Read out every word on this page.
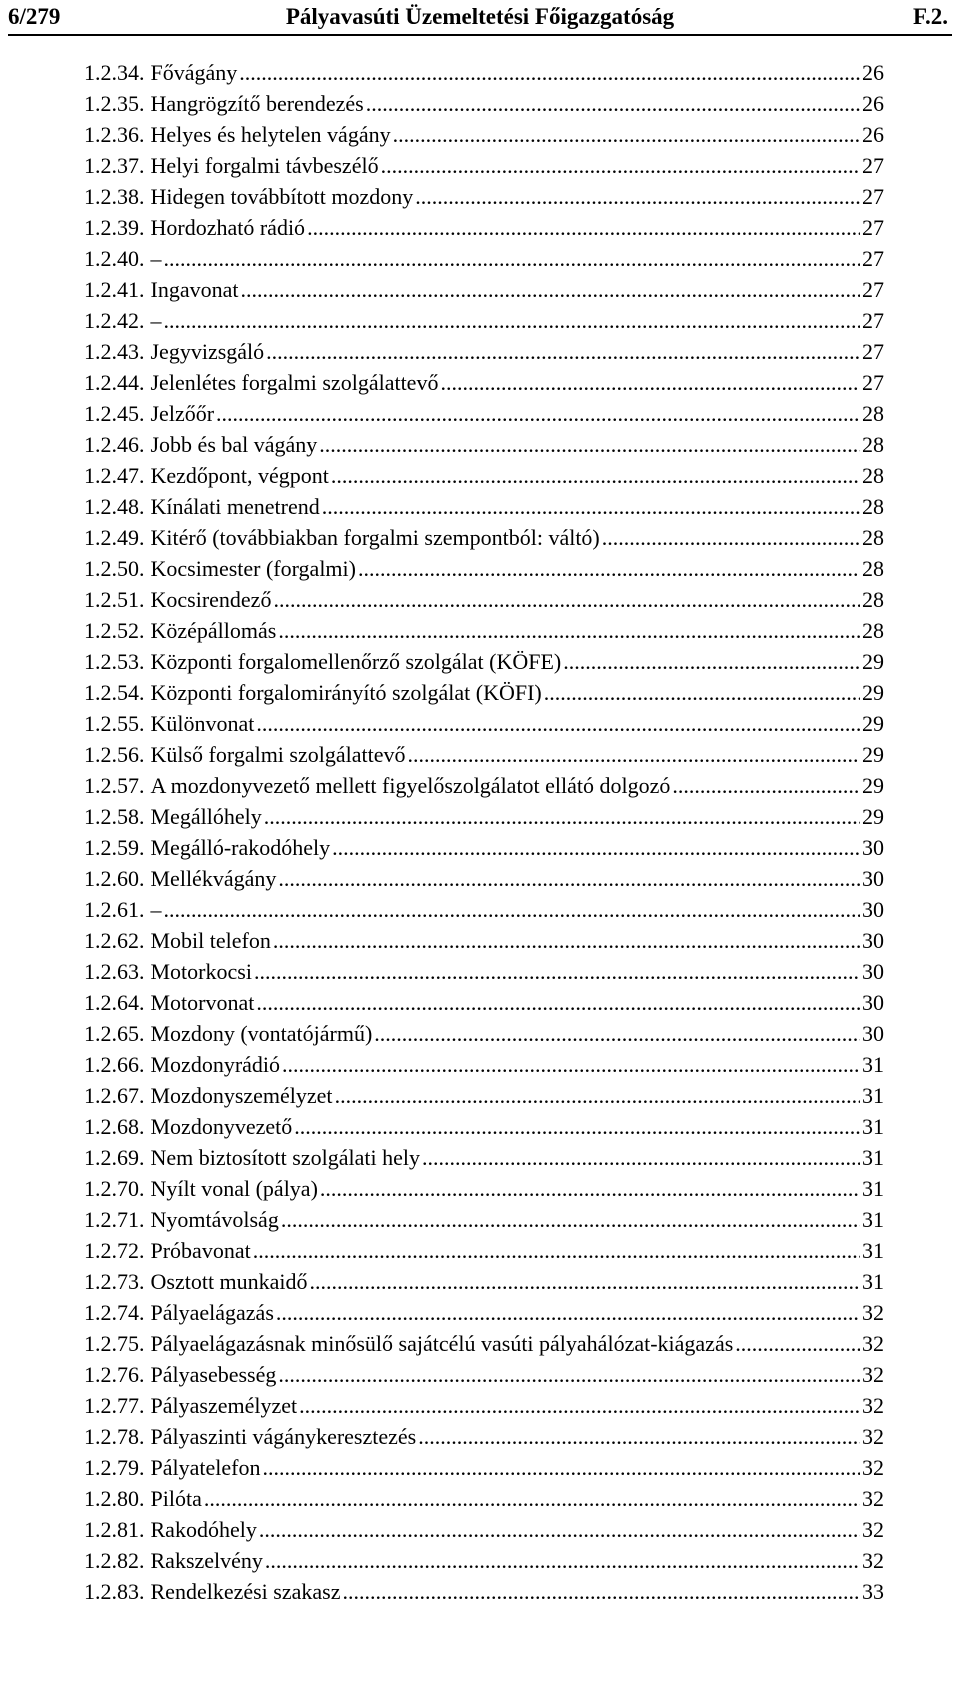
6/279	Pályavasúti Üzemeltetési Főigazgatóság	F.2.
1.2.34. Fővágány .....	26
1.2.35. Hangrögzítő berendezés .....	26
1.2.36. Helyes és helytelen vágány .....	26
1.2.37. Helyi forgalmi távbeszélő .....	27
1.2.38. Hidegen továbbított mozdony .....	27
1.2.39. Hordozható rádió .....	27
1.2.40. – .....	27
1.2.41. Ingavonat .....	27
1.2.42. – .....	27
1.2.43. Jegyvizsgáló .....	27
1.2.44. Jelenlétes forgalmi szolgálattevő .....	27
1.2.45. Jelzőőr .....	28
1.2.46. Jobb és bal vágány .....	28
1.2.47. Kezdőpont, végpont .....	28
1.2.48. Kínálati menetrend .....	28
1.2.49. Kitérő (továbbiakban forgalmi szempontból: váltó) .....	28
1.2.50. Kocsimester (forgalmi) .....	28
1.2.51. Kocsirendező .....	28
1.2.52. Középállomás .....	28
1.2.53. Központi forgalomellenőrző szolgálat (KÖFE) .....	29
1.2.54. Központi forgalomirányító szolgálat (KÖFI) .....	29
1.2.55. Különvonat .....	29
1.2.56. Külső forgalmi szolgálattevő .....	29
1.2.57. A mozdonyvezető mellett figyelőszolgálatot ellátó dolgozó .....	29
1.2.58. Megállóhely .....	29
1.2.59. Megálló-rakodóhely .....	30
1.2.60. Mellékvágány .....	30
1.2.61. – .....	30
1.2.62. Mobil telefon .....	30
1.2.63. Motorkocsi .....	30
1.2.64. Motorvonat .....	30
1.2.65. Mozdony (vontatójármű) .....	30
1.2.66. Mozdonyrádió .....	31
1.2.67. Mozdonyszemélyzet .....	31
1.2.68. Mozdonyvezető .....	31
1.2.69. Nem biztosított szolgálati hely .....	31
1.2.70. Nyílt vonal (pálya) .....	31
1.2.71. Nyomtávolság .....	31
1.2.72. Próbavonat .....	31
1.2.73. Osztott munkaidő .....	31
1.2.74. Pályaelágazás .....	32
1.2.75. Pályaelágazásnak minősülő sajátcélú vasúti pályahálózat-kiágazás .....	32
1.2.76. Pályasebesség .....	32
1.2.77. Pályaszemélyzet .....	32
1.2.78. Pályaszinti vágánykeresztezés .....	32
1.2.79. Pályatelefon .....	32
1.2.80. Pilóta .....	32
1.2.81. Rakodóhely .....	32
1.2.82. Rakszelvény .....	32
1.2.83. Rendelkezési szakasz .....	33
